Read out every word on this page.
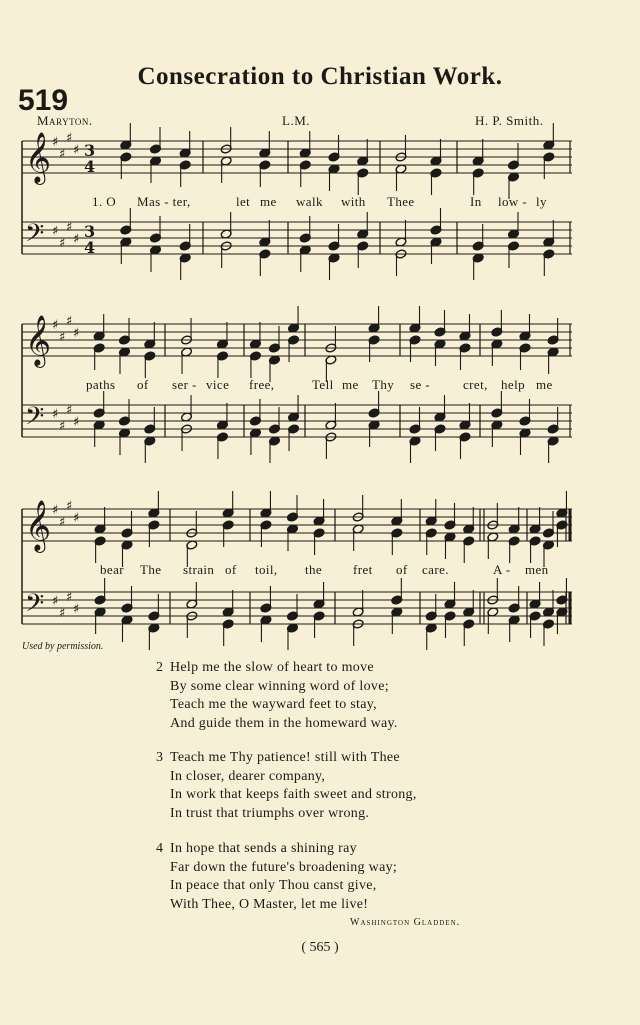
519
Consecration to Christian Work.
Maryton.	L.M.	H. P. Smith.
𝄞
𝄢
♯
♯
♯
♯
♯
♯
♯
♯
3
4
3
4
𝄞
𝄢
♯
♯
♯
♯
♯
♯
♯
♯
𝄞
𝄢
♯
♯
♯
♯
♯
♯
♯
♯
1. O Mas - ter,	let me walk with Thee	In low - ly
paths of ser - vice free,	Tell me Thy se -	cret, help me
bear The strain of toil, the fret of care.	A - men
Used by permission.
2 Help me the slow of heart to move
By some clear winning word of love;
Teach me the wayward feet to stay,
And guide them in the homeward way.
3 Teach me Thy patience! still with Thee
In closer, dearer company,
In work that keeps faith sweet and strong,
In trust that triumphs over wrong.
4 In hope that sends a shining ray
Far down the future's broadening way;
In peace that only Thou canst give,
With Thee, O Master, let me live!
Washington Gladden.
( 565 )
